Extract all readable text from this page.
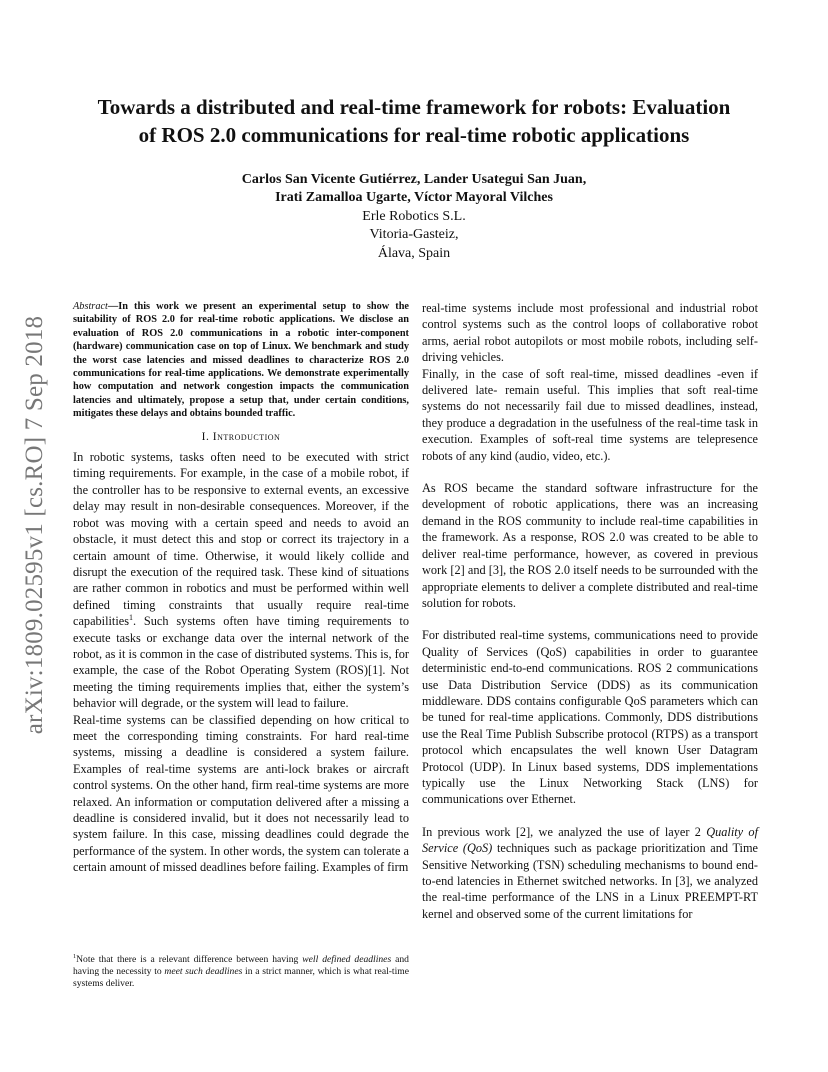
arXiv:1809.02595v1 [cs.RO] 7 Sep 2018
Towards a distributed and real-time framework for robots: Evaluation
of ROS 2.0 communications for real-time robotic applications
Carlos San Vicente Gutiérrez, Lander Usategui San Juan,
Irati Zamalloa Ugarte, Víctor Mayoral Vilches
Erle Robotics S.L.
Vitoria-Gasteiz,
Álava, Spain

Abstract—In this work we present an experimental setup to show the suitability of ROS 2.0 for real-time robotic applications. We disclose an evaluation of ROS 2.0 communications in a robotic inter-component (hardware) communication case on top of Linux. We benchmark and study the worst case latencies and missed deadlines to characterize ROS 2.0 communications for real-time applications. We demonstrate experimentally how computation and network congestion impacts the communication latencies and ultimately, propose a setup that, under certain conditions, mitigates these delays and obtains bounded traffic.

I. Introduction

In robotic systems, tasks often need to be executed with strict timing requirements. For example, in the case of a mobile robot, if the controller has to be responsive to external events, an excessive delay may result in non-desirable consequences. Moreover, if the robot was moving with a certain speed and needs to avoid an obstacle, it must detect this and stop or correct its trajectory in a certain amount of time. Otherwise, it would likely collide and disrupt the execution of the required task. These kind of situations are rather common in robotics and must be performed within well defined timing constraints that usually require real-time capabilities$^1$. Such systems often have timing requirements to execute tasks or exchange data over the internal network of the robot, as it is common in the case of distributed systems. This is, for example, the case of the Robot Operating System (ROS)[1]. Not meeting the timing requirements implies that, either the system’s behavior will degrade, or the system will lead to failure.

Real-time systems can be classified depending on how critical to meet the corresponding timing constraints. For hard real-time systems, missing a deadline is considered a system failure. Examples of real-time systems are anti-lock brakes or aircraft control systems. On the other hand, firm real-time systems are more relaxed. An information or computation delivered after a missing a deadline is considered invalid, but it does not necessarily lead to system failure. In this case, missing deadlines could degrade the performance of the system. In other words, the system can tolerate a certain amount of missed deadlines before failing. Examples of firm

$^1$Note that there is a relevant difference between having well defined deadlines and having the necessity to meet such deadlines in a strict manner, which is what real-time systems deliver.

real-time systems include most professional and industrial robot control systems such as the control loops of collaborative robot arms, aerial robot autopilots or most mobile robots, including self-driving vehicles.

Finally, in the case of soft real-time, missed deadlines -even if delivered late- remain useful. This implies that soft real-time systems do not necessarily fail due to missed deadlines, instead, they produce a degradation in the usefulness of the real-time task in execution. Examples of soft-real time systems are telepresence robots of any kind (audio, video, etc.).

As ROS became the standard software infrastructure for the development of robotic applications, there was an increasing demand in the ROS community to include real-time capabilities in the framework. As a response, ROS 2.0 was created to be able to deliver real-time performance, however, as covered in previous work [2] and [3], the ROS 2.0 itself needs to be surrounded with the appropriate elements to deliver a complete distributed and real-time solution for robots.

For distributed real-time systems, communications need to provide Quality of Services (QoS) capabilities in order to guarantee deterministic end-to-end communications. ROS 2 communications use Data Distribution Service (DDS) as its communication middleware. DDS contains configurable QoS parameters which can be tuned for real-time applications. Commonly, DDS distributions use the Real Time Publish Subscribe protocol (RTPS) as a transport protocol which encapsulates the well known User Datagram Protocol (UDP). In Linux based systems, DDS implementations typically use the Linux Networking Stack (LNS) for communications over Ethernet.

In previous work [2], we analyzed the use of layer 2 Quality of Service (QoS) techniques such as package prioritization and Time Sensitive Networking (TSN) scheduling mechanisms to bound end-to-end latencies in Ethernet switched networks. In [3], we analyzed the real-time performance of the LNS in a Linux PREEMPT-RT kernel and observed some of the current limitations for
